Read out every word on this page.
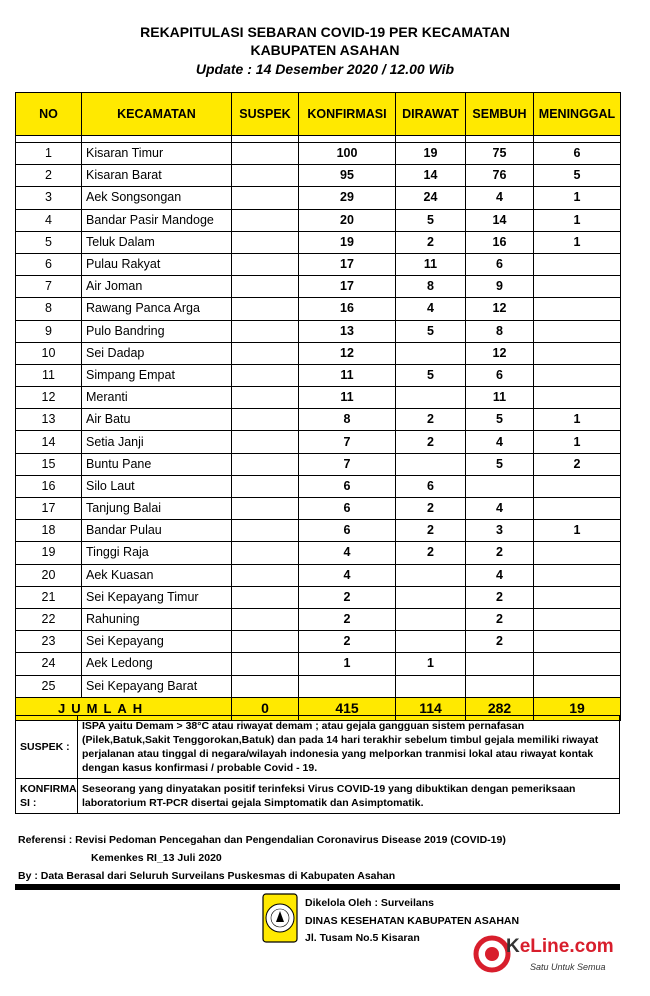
REKAPITULASI SEBARAN COVID-19 PER KECAMATAN
KABUPATEN ASAHAN
Update : 14 Desember 2020 / 12.00 Wib
NO	KECAMATAN	SUSPEK	KONFIRMASI	DIRAWAT	SEMBUH	MENINGGAL

1	Kisaran Timur		100	19	75	6
2	Kisaran Barat		95	14	76	5
3	Aek Songsongan		29	24	4	1
4	Bandar Pasir Mandoge		20	5	14	1
5	Teluk Dalam		19	2	16	1
6	Pulau Rakyat		17	11	6	
7	Air Joman		17	8	9	
8	Rawang Panca Arga		16	4	12	
9	Pulo Bandring		13	5	8	
10	Sei Dadap		12		12	
11	Simpang Empat		11	5	6	
12	Meranti		11		11	
13	Air Batu		8	2	5	1
14	Setia Janji		7	2	4	1
15	Buntu Pane		7		5	2
16	Silo Laut		6	6		
17	Tanjung Balai		6	2	4	
18	Bandar Pulau		6	2	3	1
19	Tinggi Raja		4	2	2	
20	Aek Kuasan		4		4	
21	Sei Kepayang Timur		2		2	
22	Rahuning		2		2	
23	Sei Kepayang		2		2	
24	Aek Ledong		1	1		
25	Sei Kepayang Barat					
JUMLAH		0	415	114	282	19
SUSPEK :	ISPA yaitu Demam > 38°C atau riwayat demam ; atau gejala gangguan sistem pernafasan
(Pilek,Batuk,Sakit Tenggorokan,Batuk) dan pada 14 hari terakhir sebelum timbul gejala memiliki riwayat
perjalanan atau tinggal di negara/wilayah indonesia yang melporkan tranmisi lokal atau riwayat kontak
dengan kasus konfirmasi / probable Covid - 19.

KONFIRMA
SI :	Seseorang yang dinyatakan positif terinfeksi Virus COVID-19 yang dibuktikan dengan pemeriksaan
laboratorium RT-PCR disertai gejala Simptomatik dan Asimptomatik.
Referensi : Revisi Pedoman Pencegahan dan Pengendalian Coronavirus Disease 2019 (COVID-19)
Kemenkes RI_13 Juli 2020
By : Data Berasal dari Seluruh Surveilans Puskesmas di Kabupaten Asahan
Dikelola Oleh : Surveilans
DINAS KESEHATAN KABUPATEN ASAHAN
Jl. Tusam No.5 Kisaran	KeLine.com
Satu Untuk Semua
